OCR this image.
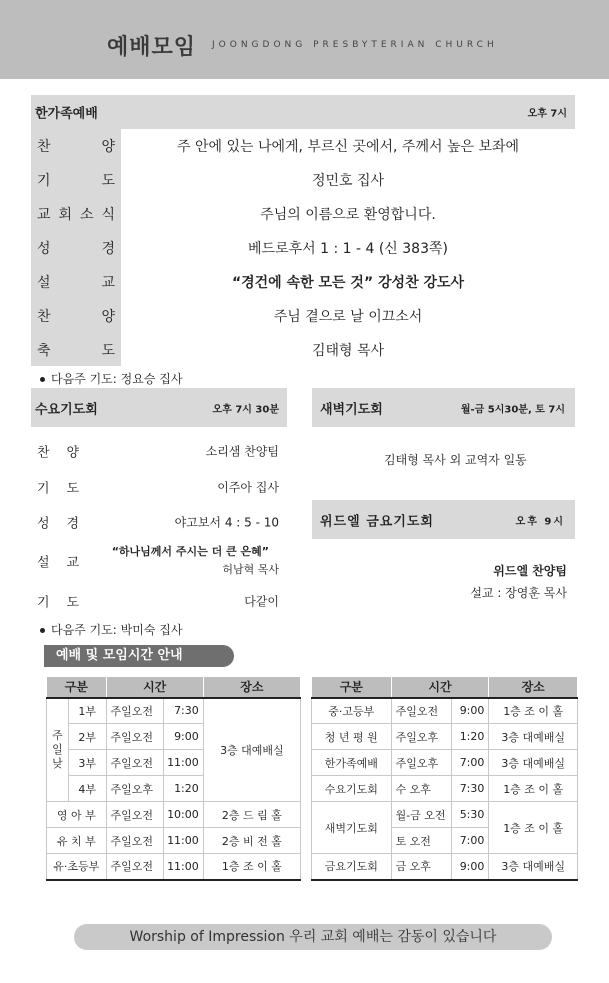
예배모임 JOONGDONG PRESBYTERIAN CHURCH
한가족예배	오후 7시
찬	양	주 안에 있는 나에게, 부르신 곳에서, 주께서 높은 보좌에
기	도	정민호 집사
교 회 소 식	주님의 이름으로 환영합니다.
성	경	베드로후서 1 : 1 - 4 (신 383쪽)
설	교	“경건에 속한 모든 것” 강성찬 강도사
찬	양	주님 곁으로 날 이끄소서
축	도	김태형 목사
다음주 기도: 정요승 집사
수요기도회	오후 7시 30분
찬 양	소리샘 찬양팀
기 도	이주아 집사
성 경	야고보서 4 : 5 - 10
설 교
“하나님께서 주시는 더 큰 은혜”
허남혁 목사
기 도	다같이
다음주 기도: 박미숙 집사
새벽기도회	월-금 5시30분, 토 7시
김태형 목사 외 교역자 일동
위드엘 금요기도회	오후 9시
위드엘 찬양팀
설교 : 장영훈 목사
예배 및 모임시간 안내
구분		시간		장소
주일낮	1부	주일오전	7:30	3층 대예배실
	2부	주일오전	9:00	
	3부	주일오전	11:00	
	4부	주일오후	1:20	
영 아 부		주일오전	10:00	2층 드 림 홀
유 치 부		주일오전	11:00	2층 비 전 홀
유·초등부		주일오전	11:00	1층 조 이 홀
구분	시간		장소
중·고등부	주일오전	9:00	1층 조 이 홀
청 년 평 원	주일오후	1:20	3층 대예배실
한가족예배	주일오후	7:00	3층 대예배실
수요기도회	수 오후	7:30	1층 조 이 홀
새벽기도회	월-금 오전	5:30	1층 조 이 홀
	토 오전	7:00	
금요기도회	금 오후	9:00	3층 대예배실
Worship of Impression 우리 교회 예배는 감동이 있습니다
